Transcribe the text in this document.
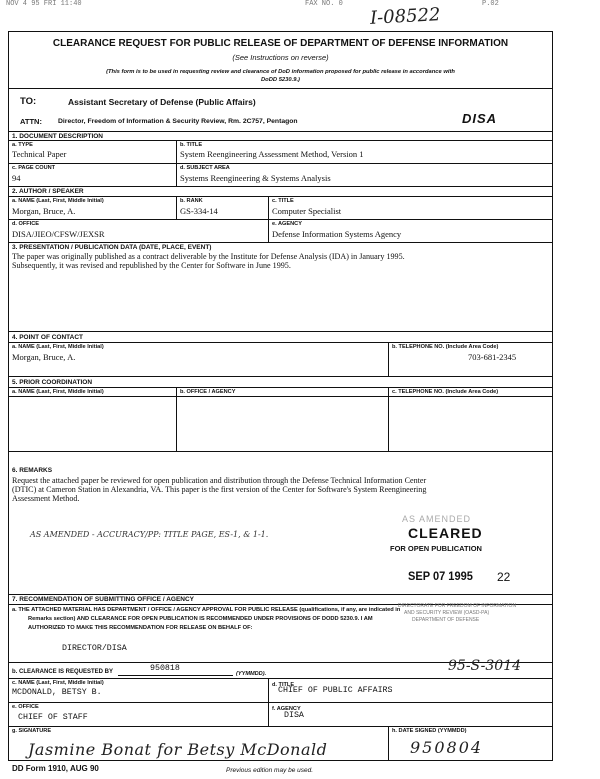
NOV 4 95 FRI 11:40	FAX NO. 0	P.02
I-08522
CLEARANCE REQUEST FOR PUBLIC RELEASE OF DEPARTMENT OF DEFENSE INFORMATION
(See Instructions on reverse)
(This form is to be used in requesting review and clearance of DoD information proposed for public release in accordance with
DoDD 5230.9.)
TO:	Assistant Secretary of Defense (Public Affairs)
ATTN: Director, Freedom of Information & Security Review, Rm. 2C757, Pentagon	DISA
1. DOCUMENT DESCRIPTION
a. TYPE
Technical Paper
b. TITLE
System Reengineering Assessment Method, Version 1
c. PAGE COUNT
94
d. SUBJECT AREA
Systems Reengineering & Systems Analysis
2. AUTHOR / SPEAKER
a. NAME (Last, First, Middle Initial)
Morgan, Bruce, A.
b. RANK
GS-334-14
c. TITLE
Computer Specialist
d. OFFICE
DISA/JIEO/CFSW/JEXSR
e. AGENCY
Defense Information Systems Agency
3. PRESENTATION / PUBLICATION DATA (DATE, PLACE, EVENT)
The paper was originally published as a contract deliverable by the Institute for Defense Analysis (IDA) in January 1995.
Subsequently, it was revised and republished by the Center for Software in June 1995.
4. POINT OF CONTACT
a. NAME (Last, First, Middle Initial)
Morgan, Bruce, A.
b. TELEPHONE NO. (Include Area Code)
703-681-2345
5. PRIOR COORDINATION
a. NAME (Last, First, Middle Initial)	b. OFFICE / AGENCY	c. TELEPHONE NO. (Include Area Code)
6. REMARKS
Request the attached paper be reviewed for open publication and distribution through the Defense Technical Information Center
(DTIC) at Cameron Station in Alexandria, VA. This paper is the first version of the Center for Software's System Reengineering
Assessment Method.
AS AMENDED - ACCURACY/PP: TITLE PAGE, ES-1, & 1-1.
AS AMENDED
CLEARED
FOR OPEN PUBLICATION
SEP 07 1995 22
7. RECOMMENDATION OF SUBMITTING OFFICE / AGENCY
a. THE ATTACHED MATERIAL HAS DEPARTMENT / OFFICE / AGENCY APPROVAL FOR PUBLIC RELEASE (qualifications, if any, are indicated in
Remarks section) AND CLEARANCE FOR OPEN PUBLICATION IS RECOMMENDED UNDER PROVISIONS OF DODD 5230.9. I AM
AUTHORIZED TO MAKE THIS RECOMMENDATION FOR RELEASE ON BEHALF OF:
DIRECTORATE FOR FREEDOM OF INFORMATION
AND SECURITY REVIEW (OASD-PA)
DEPARTMENT OF DEFENSE
DIRECTOR/DISA
b. CLEARANCE IS REQUESTED BY	950818
(YYMMDD).	95-S-3014
c. NAME (Last, First, Middle Initial)
MCDONALD, BETSY B.
d. TITLE
CHIEF OF PUBLIC AFFAIRS
e. OFFICE
CHIEF OF STAFF
f. AGENCY
DISA
g. SIGNATURE
Jasmine Bonat for Betsy McDonald
h. DATE SIGNED (YYMMDD)
950804
DD Form 1910, AUG 90	Previous edition may be used.
